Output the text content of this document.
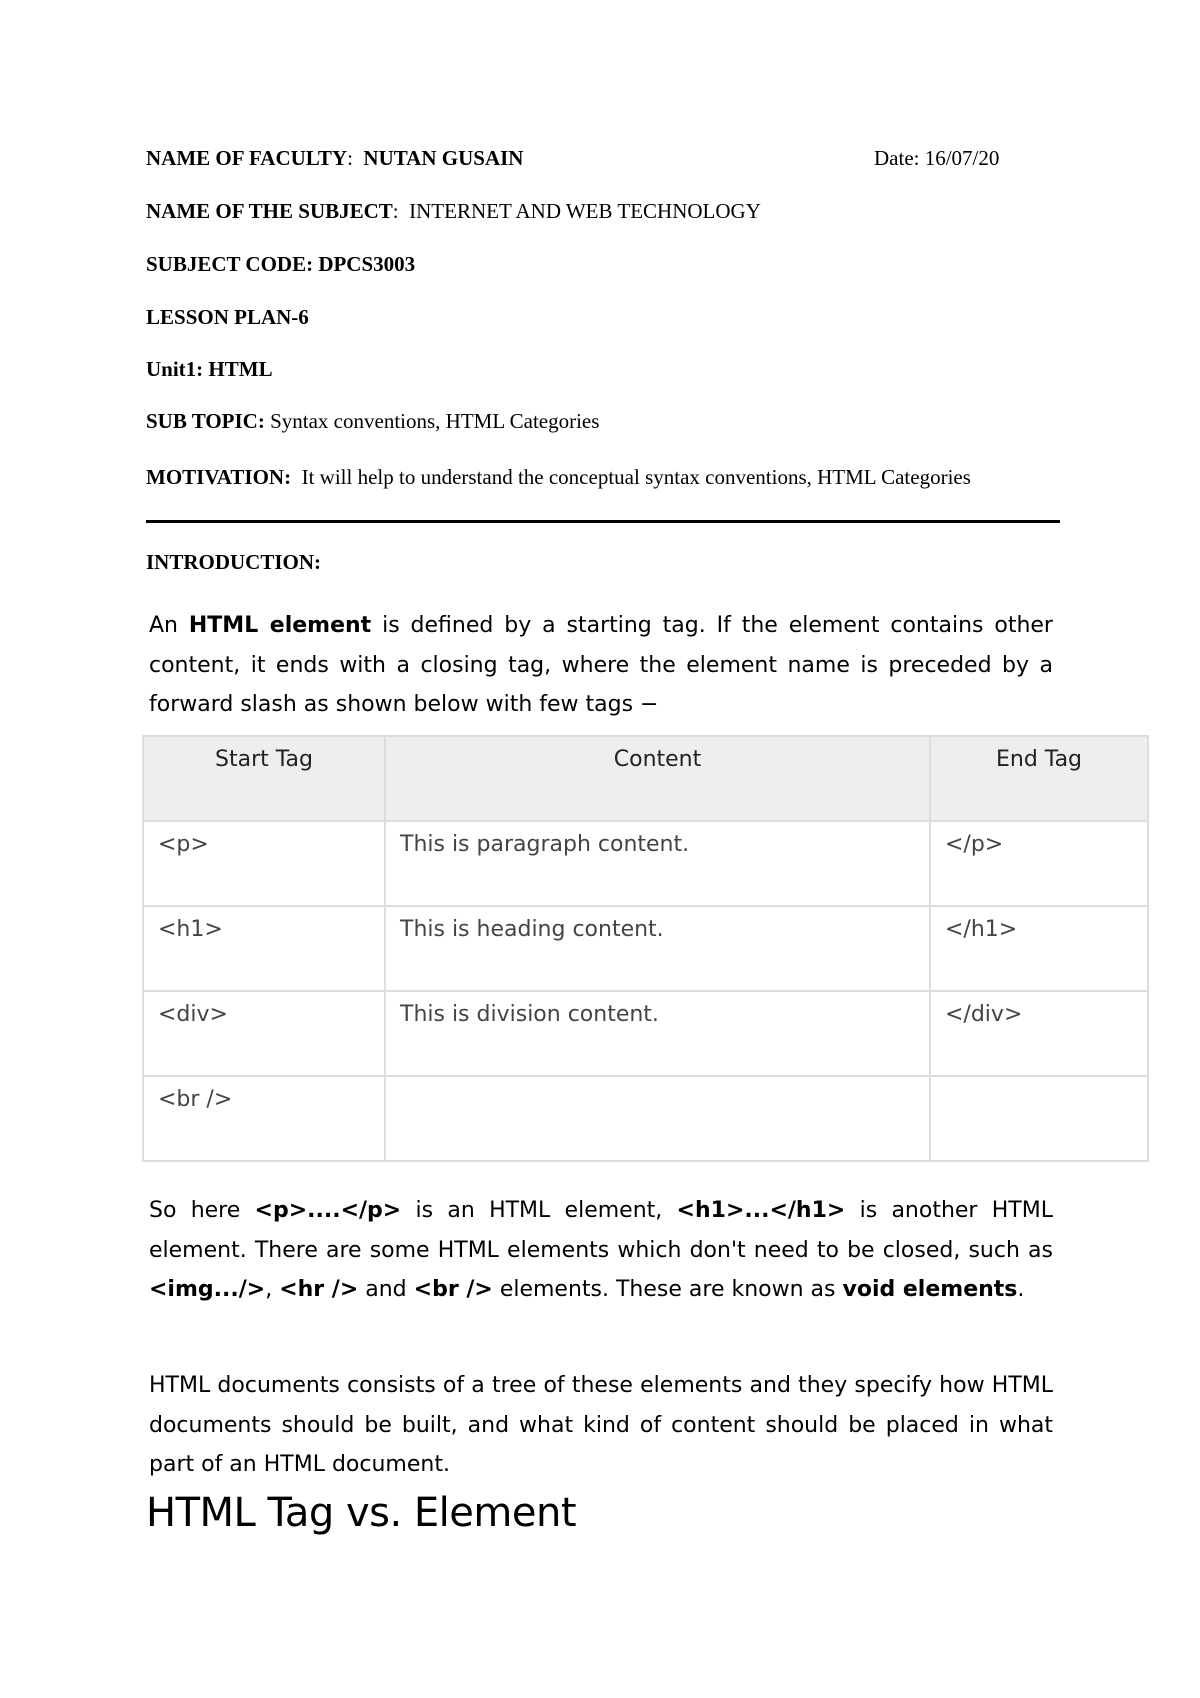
NAME OF FACULTY:  NUTAN GUSAIN	Date: 16/07/20
NAME OF THE SUBJECT:  INTERNET AND WEB TECHNOLOGY
SUBJECT CODE: DPCS3003
LESSON PLAN-6
Unit1: HTML
SUB TOPIC: Syntax conventions, HTML Categories
MOTIVATION: It will help to understand the conceptual syntax conventions, HTML Categories
INTRODUCTION:
An HTML element is defined by a starting tag. If the element contains other content, it ends with a closing tag, where the element name is preceded by a forward slash as shown below with few tags −
Start Tag	Content	End Tag
<p>	This is paragraph content.	</p>
<h1>	This is heading content.	</h1>
<div>	This is division content.	</div>
<br />		
So here <p>....</p> is an HTML element, <h1>...</h1> is another HTML element. There are some HTML elements which don't need to be closed, such as <img.../>, <hr /> and <br /> elements. These are known as void elements.
HTML documents consists of a tree of these elements and they specify how HTML documents should be built, and what kind of content should be placed in what part of an HTML document.
HTML Tag vs. Element
